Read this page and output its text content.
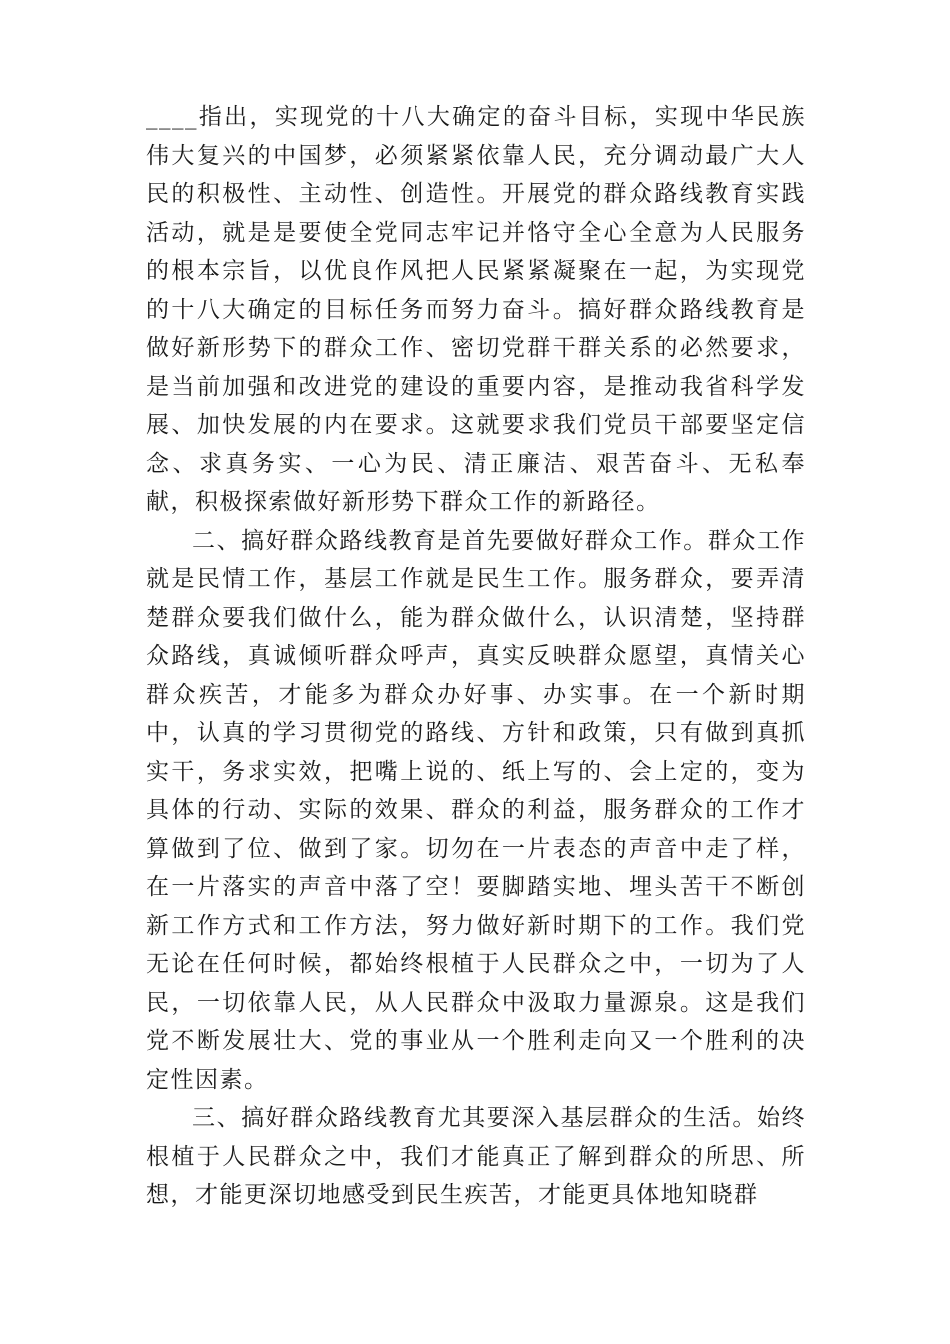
____指出，实现党的十八大确定的奋斗目标，实现中华民族伟大复兴的中国梦，必须紧紧依靠人民，充分调动最广大人民的积极性、主动性、创造性。开展党的群众路线教育实践活动，就是是要使全党同志牢记并恪守全心全意为人民服务的根本宗旨，以优良作风把人民紧紧凝聚在一起，为实现党的十八大确定的目标任务而努力奋斗。搞好群众路线教育是做好新形势下的群众工作、密切党群干群关系的必然要求，是当前加强和改进党的建设的重要内容，是推动我省科学发展、加快发展的内在要求。这就要求我们党员干部要坚定信念、求真务实、一心为民、清正廉洁、艰苦奋斗、无私奉献，积极探索做好新形势下群众工作的新路径。

二、搞好群众路线教育是首先要做好群众工作。群众工作就是民情工作，基层工作就是民生工作。服务群众，要弄清楚群众要我们做什么，能为群众做什么，认识清楚，坚持群众路线，真诚倾听群众呼声，真实反映群众愿望，真情关心群众疾苦，才能多为群众办好事、办实事。在一个新时期中，认真的学习贯彻党的路线、方针和政策，只有做到真抓实干，务求实效，把嘴上说的、纸上写的、会上定的，变为具体的行动、实际的效果、群众的利益，服务群众的工作才算做到了位、做到了家。切勿在一片表态的声音中走了样，在一片落实的声音中落了空！要脚踏实地、埋头苦干不断创新工作方式和工作方法，努力做好新时期下的工作。我们党无论在任何时候，都始终根植于人民群众之中，一切为了人民，一切依靠人民，从人民群众中汲取力量源泉。这是我们党不断发展壮大、党的事业从一个胜利走向又一个胜利的决定性因素。

三、搞好群众路线教育尤其要深入基层群众的生活。始终根植于人民群众之中，我们才能真正了解到群众的所思、所想，才能更深切地感受到民生疾苦，才能更具体地知晓群
